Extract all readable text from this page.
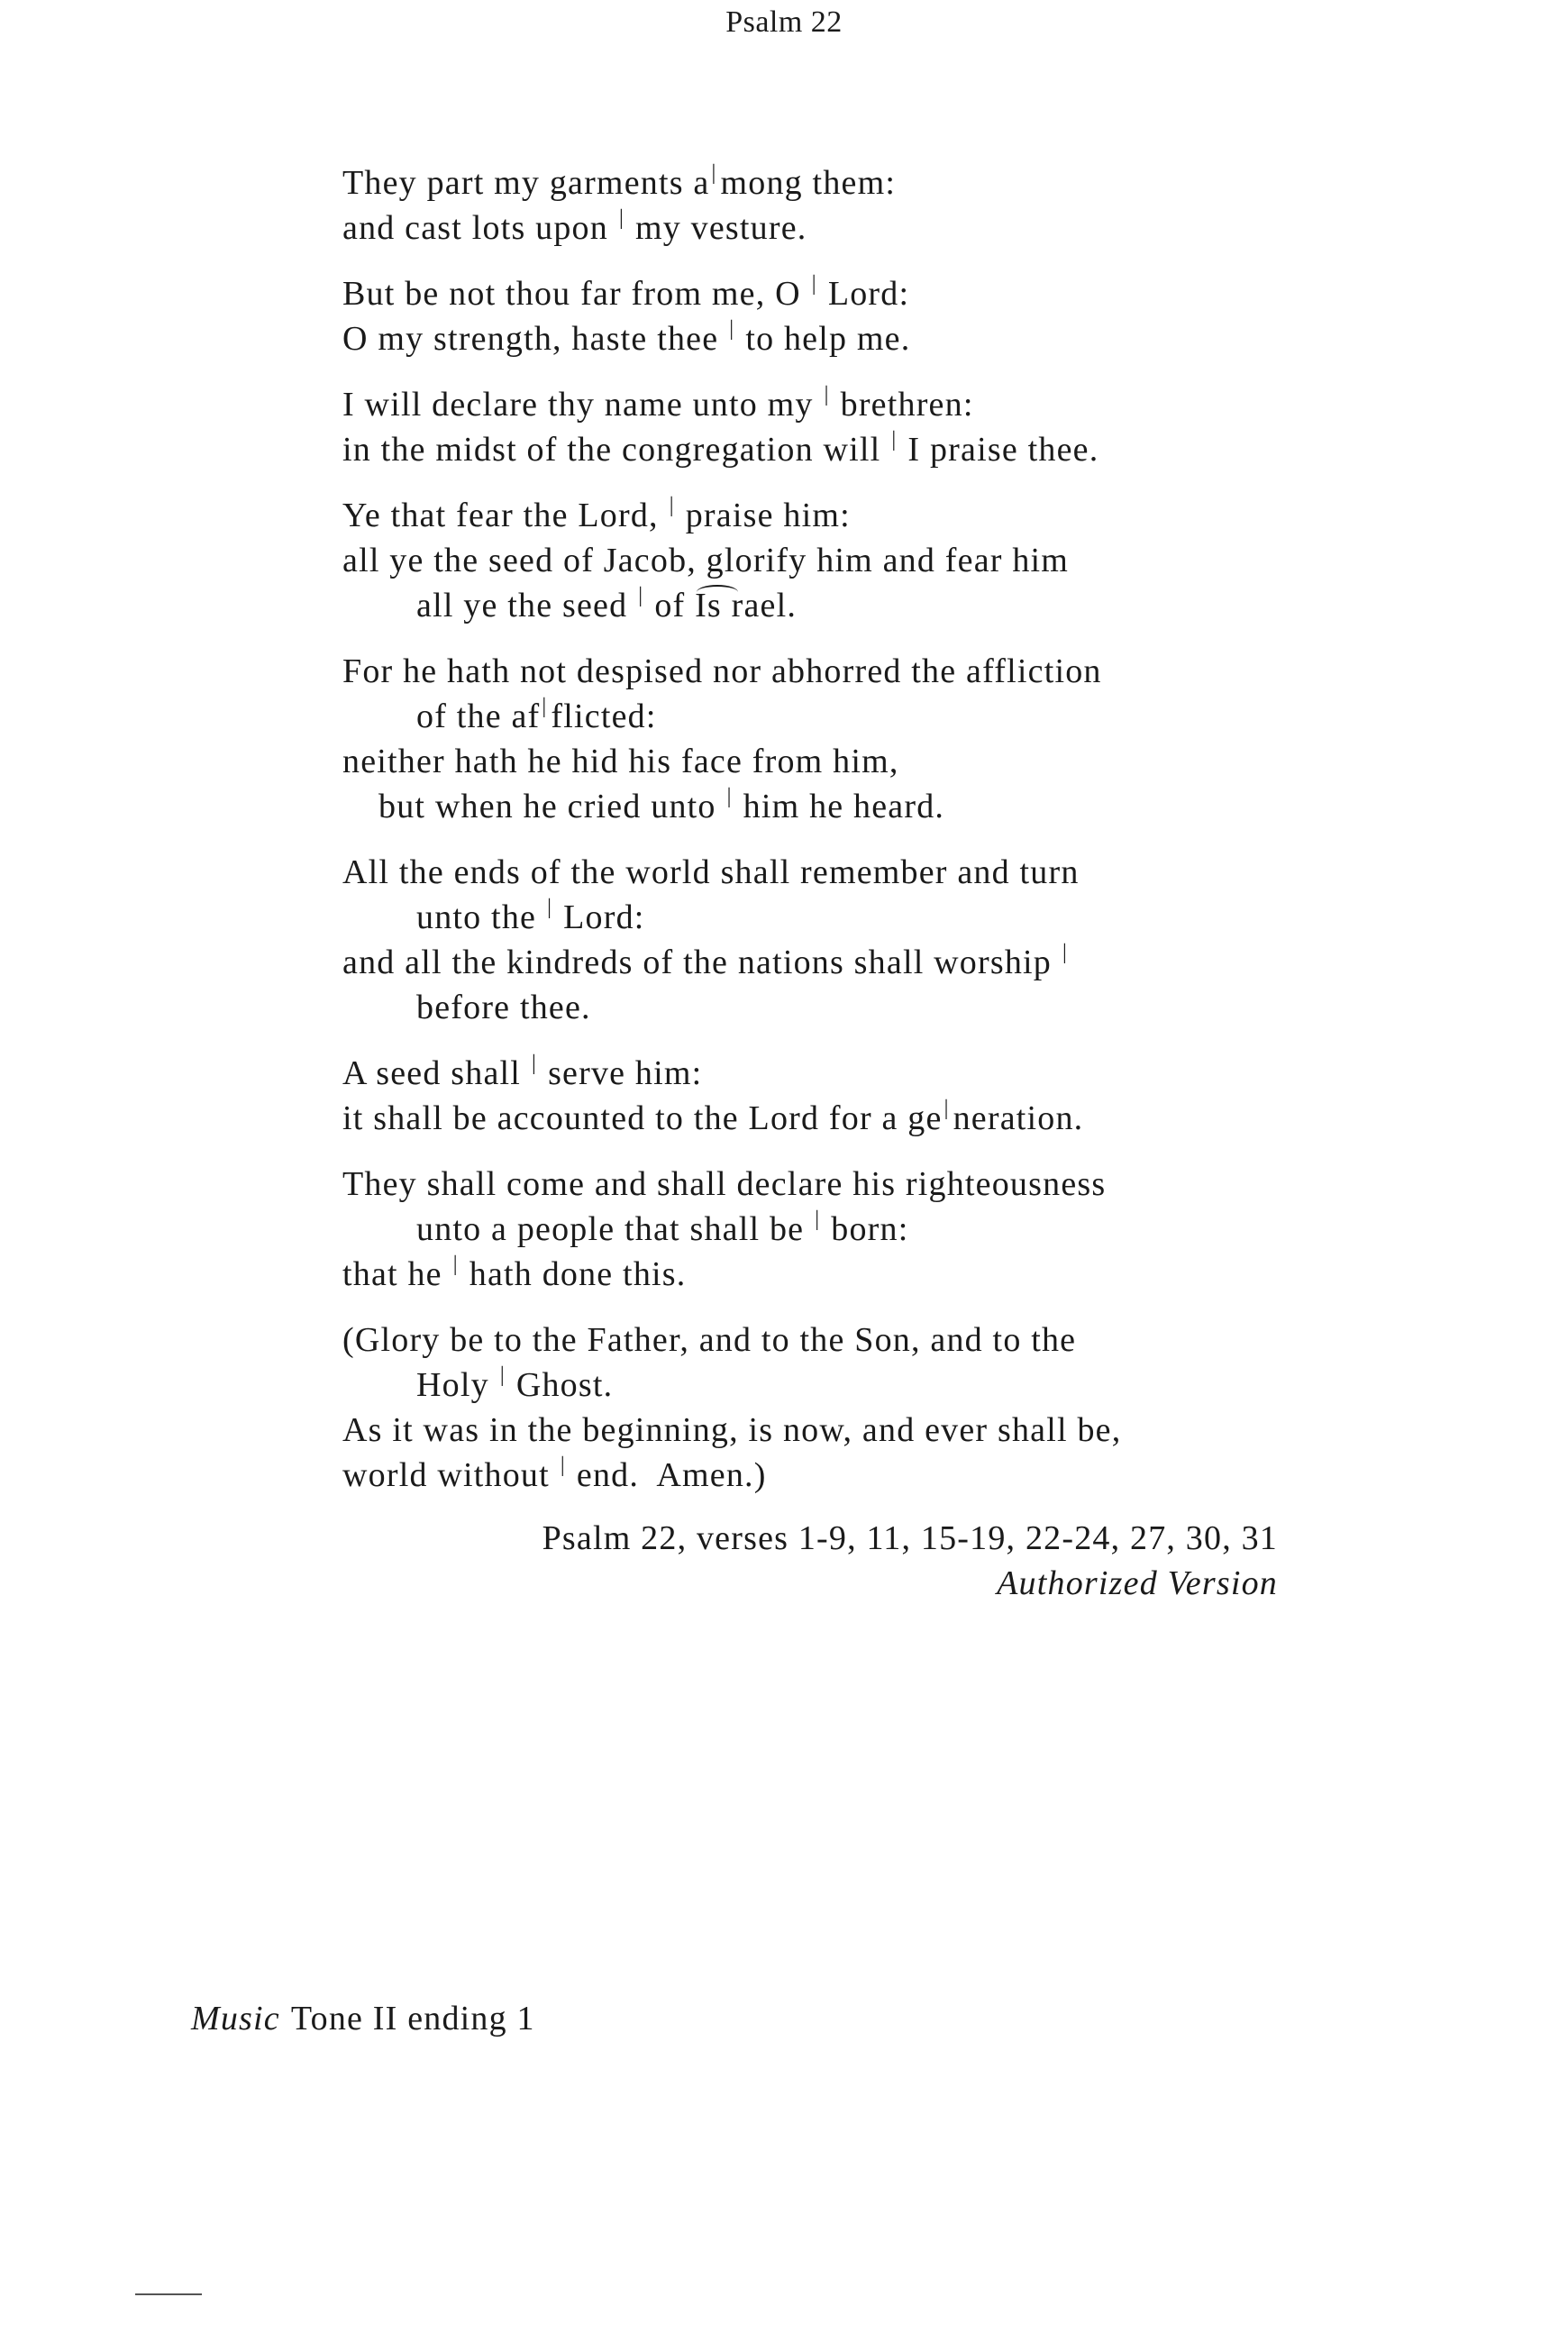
Psalm 22
They part my garments a| mong them:
and cast lots upon | my vesture.
But be not thou far from me, O | Lord:
O my strength, haste thee | to help me.
I will declare thy name unto my | brethren:
in the midst of the congregation will | I praise thee.
Ye that fear the Lord, | praise him:
all ye the seed of Jacob, glorify him and fear him
all ye the seed | of Is rael.
For he hath not despised nor abhorred the affliction
of the af| flicted:
neither hath he hid his face from him,
but when he cried unto | him he heard.
All the ends of the world shall remember and turn
unto the | Lord:
and all the kindreds of the nations shall worship |
before thee.
A seed shall | serve him:
it shall be accounted to the Lord for a ge| neration.
They shall come and shall declare his righteousness
unto a people that shall be | born:
that he | hath done this.
(Glory be to the Father, and to the Son, and to the
Holy | Ghost.
As it was in the beginning, is now, and ever shall be,
world without | end.  Amen.)
Psalm 22, verses 1-9, 11, 15-19, 22-24, 27, 30, 31
Authorized Version
Music Tone II ending 1
